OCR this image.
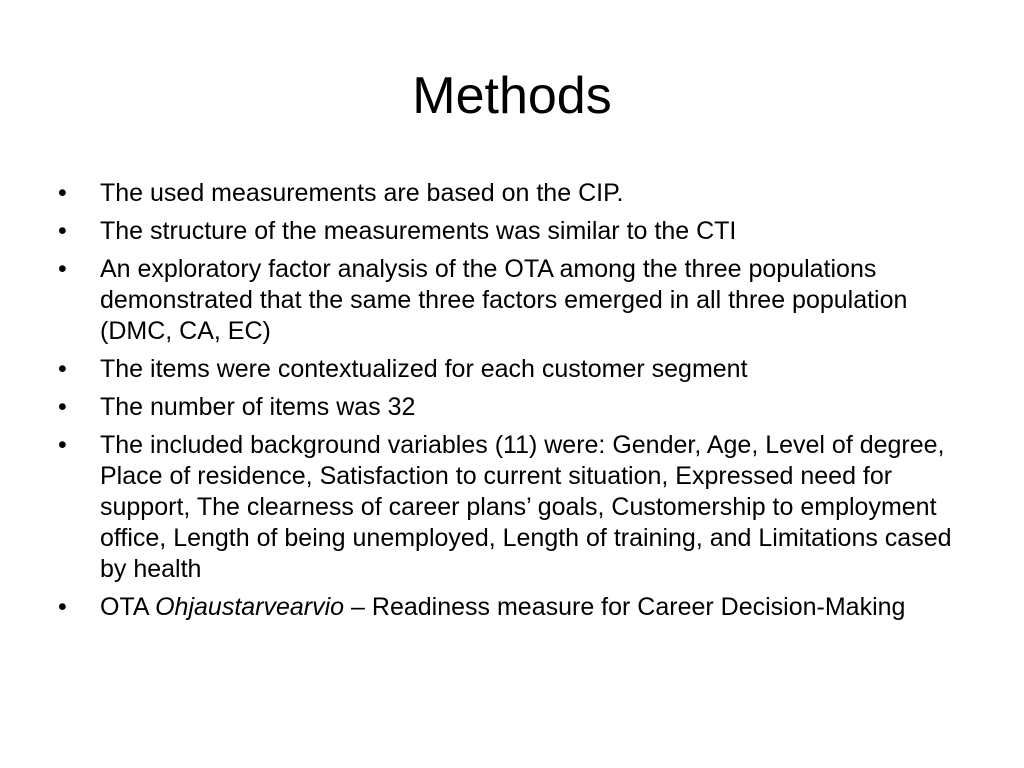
Methods
•	The used measurements are based on the CIP.
•	The structure of the measurements was similar to the CTI
•	An exploratory factor analysis of the OTA among the three populations demonstrated that the same three factors emerged in all three population (DMC, CA, EC)
•	The items were contextualized for each customer segment
•	The number of items was 32
•	The included background variables (11) were: Gender, Age, Level of degree, Place of residence, Satisfaction to current situation, Expressed need for support, The clearness of career plans’ goals, Customership to employment office, Length of being unemployed, Length of training, and Limitations cased by health
•	OTA Ohjaustarvearvio – Readiness measure for Career Decision-Making
